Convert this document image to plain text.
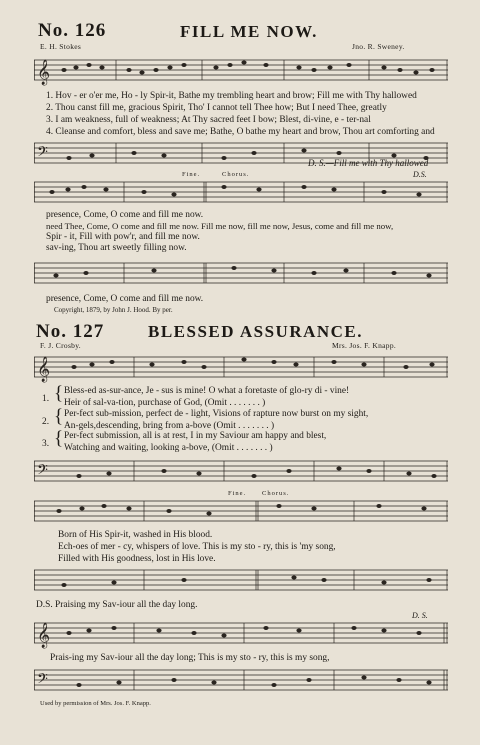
No. 126	FILL ME NOW.
E. H. Stokes	Jno. R. Sweney.
𝄞
1. Hov - er o'er me, Ho - ly Spir-it, Bathe my trembling heart and brow; Fill me with Thy hallowed
2. Thou canst fill me, gracious Spirit, Tho' I cannot tell Thee how; But I need Thee, greatly
3. I am weakness, full of weakness; At Thy sacred feet I bow; Blest, di-vine, e - ter-nal
4. Cleanse and comfort, bless and save me; Bathe, O bathe my heart and brow, Thou art comforting and
𝄢	D. S.—Fill me with Thy hallowed
Fine.	Chorus.	D.S.
presence, Come, O come and fill me now.
need Thee, Come, O come and fill me now. Fill me now, fill me now, Jesus, come and fill me now,
Spir - it, Fill with pow'r, and fill me now.
sav-ing, Thou art sweetly filling now.
presence, Come, O come and fill me now.
Copyright, 1879, by John J. Hood. By per.
No. 127	BLESSED ASSURANCE.
F. J. Crosby.	Mrs. Jos. F. Knapp.
𝄞
1. { Bless-ed as-sur-ance, Je - sus is mine! O what a foretaste of glo-ry di - vine!
Heir of sal-va-tion, purchase of God, (Omit . . . . . . . )
2. { Per-fect sub-mission, perfect de - light, Visions of rapture now burst on my sight,
An-gels,descending, bring from a-bove (Omit . . . . . . . )
3. { Per-fect submission, all is at rest, I in my Saviour am happy and blest,
Watching and waiting, looking a-bove, (Omit . . . . . . . )
𝄢
Fine. Chorus.
Born of His Spir-it, washed in His blood.
Ech-oes of mer - cy, whispers of love. This is my sto - ry, this is 'my song,
Filled with His goodness, lost in His love.
D.S. Praising my Sav-iour all the day long.
D. S.
𝄞
Prais-ing my Sav-iour all the day long; This is my sto - ry, this is my song,
𝄢
Used by permission of Mrs. Jos. F. Knapp.
